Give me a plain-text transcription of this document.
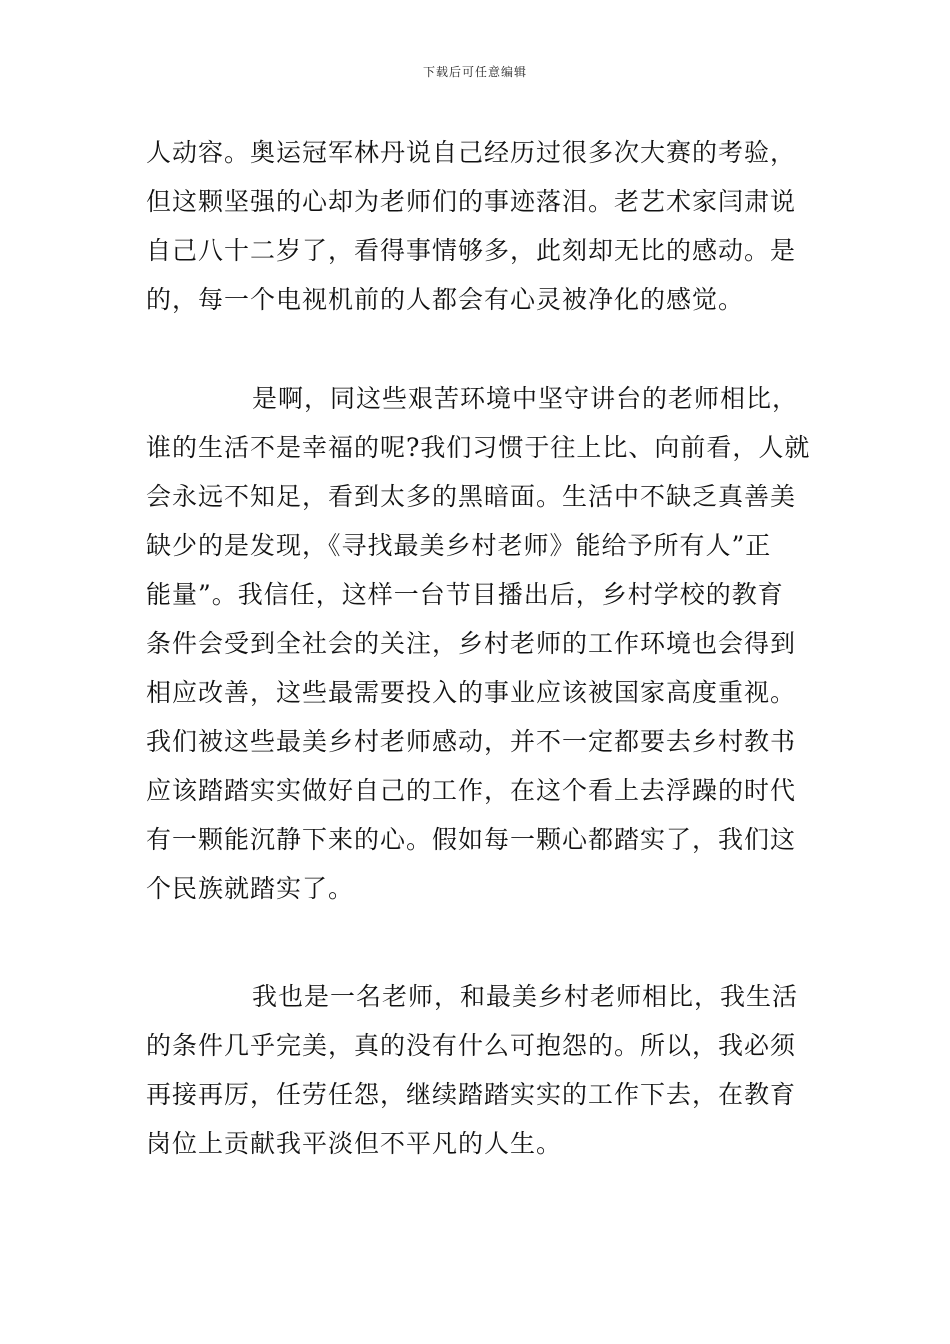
下载后可任意编辑
人动容。奥运冠军林丹说自己经历过很多次大赛的考验，
但这颗坚强的心却为老师们的事迹落泪。老艺术家闫肃说
自己八十二岁了，看得事情够多，此刻却无比的感动。是
的，每一个电视机前的人都会有心灵被净化的感觉。
是啊，同这些艰苦环境中坚守讲台的老师相比，
谁的生活不是幸福的呢?我们习惯于往上比、向前看，人就
会永远不知足，看到太多的黑暗面。生活中不缺乏真善美
缺少的是发现，《寻找最美乡村老师》能给予所有人”正
能量”。我信任，这样一台节目播出后，乡村学校的教育
条件会受到全社会的关注，乡村老师的工作环境也会得到
相应改善，这些最需要投入的事业应该被国家高度重视。
我们被这些最美乡村老师感动，并不一定都要去乡村教书
应该踏踏实实做好自己的工作，在这个看上去浮躁的时代
有一颗能沉静下来的心。假如每一颗心都踏实了，我们这
个民族就踏实了。
我也是一名老师，和最美乡村老师相比，我生活
的条件几乎完美，真的没有什么可抱怨的。所以，我必须
再接再厉，任劳任怨，继续踏踏实实的工作下去，在教育
岗位上贡献我平淡但不平凡的人生。
